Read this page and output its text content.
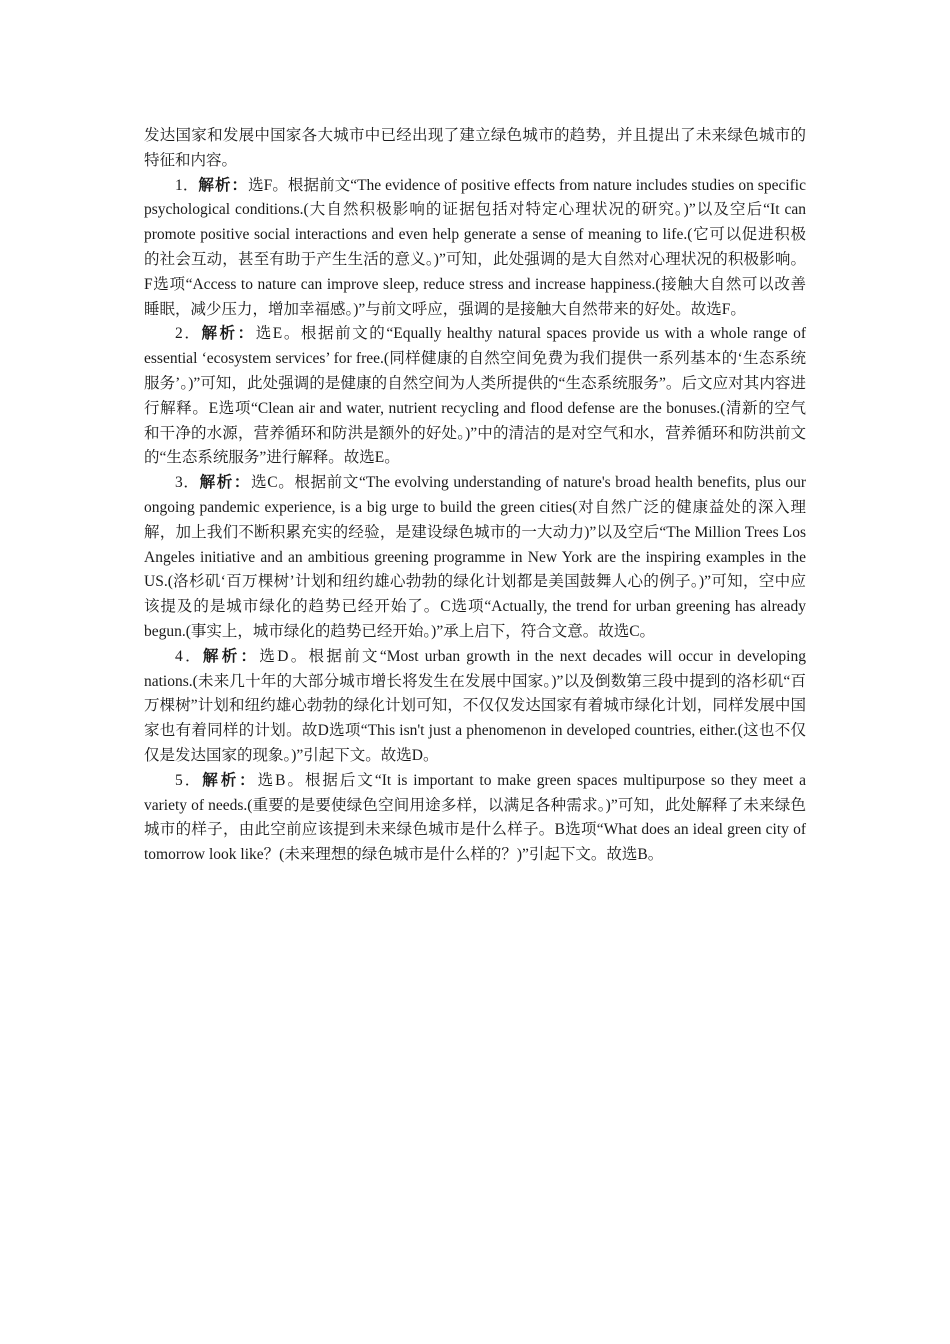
发达国家和发展中国家各大城市中已经出现了建立绿色城市的趋势，并且提出了未来绿色城市的特征和内容。

1．解析：选F。根据前文“The evidence of positive effects from nature includes studies on specific psychological conditions.(大自然积极影响的证据包括对特定心理状况的研究。)”以及空后“It can promote positive social interactions and even help generate a sense of meaning to life.(它可以促进积极的社会互动，甚至有助于产生生活的意义。)”可知，此处强调的是大自然对心理状况的积极影响。F选项“Access to nature can improve sleep, reduce stress and increase happiness.(接触大自然可以改善睡眠，减少压力，增加幸福感。)”与前文呼应，强调的是接触大自然带来的好处。故选F。

2．解析：选E。根据前文的“Equally healthy natural spaces provide us with a whole range of essential ‘ecosystem services’ for free.(同样健康的自然空间免费为我们提供一系列基本的‘生态系统服务’。)”可知，此处强调的是健康的自然空间为人类所提供的“生态系统服务”。后文应对其内容进行解释。E选项“Clean air and water, nutrient recycling and flood defense are the bonuses.(清新的空气和干净的水源，营养循环和防洪是额外的好处。)”中的清洁的是对空气和水，营养循环和防洪前文的“生态系统服务”进行解释。故选E。

3．解析：选C。根据前文“The evolving understanding of nature's broad health benefits, plus our ongoing pandemic experience, is a big urge to build the green cities(对自然广泛的健康益处的深入理解，加上我们不断积累充实的经验，是建设绿色城市的一大动力)”以及空后“The Million Trees Los Angeles initiative and an ambitious greening programme in New York are the inspiring examples in the US.(洛杉矶‘百万棵树’计划和纽约雄心勃勃的绿化计划都是美国鼓舞人心的例子。)”可知，空中应该提及的是城市绿化的趋势已经开始了。C选项“Actually, the trend for urban greening has already begun.(事实上，城市绿化的趋势已经开始。)”承上启下，符合文意。故选C。

4．解析：选D。根据前文“Most urban growth in the next decades will occur in developing nations.(未来几十年的大部分城市增长将发生在发展中国家。)”以及倒数第三段中提到的洛杉矶“百万棵树”计划和纽约雄心勃勃的绿化计划可知，不仅仅发达国家有着城市绿化计划，同样发展中国家也有着同样的计划。故D选项“This isn't just a phenomenon in developed countries, either.(这也不仅仅是发达国家的现象。)”引起下文。故选D。

5．解析：选B。根据后文“It is important to make green spaces multipurpose so they meet a variety of needs.(重要的是要使绿色空间用途多样，以满足各种需求。)”可知，此处解释了未来绿色城市的样子，由此空前应该提到未来绿色城市是什么样子。B选项“What does an ideal green city of tomorrow look like？(未来理想的绿色城市是什么样的？)”引起下文。故选B。
